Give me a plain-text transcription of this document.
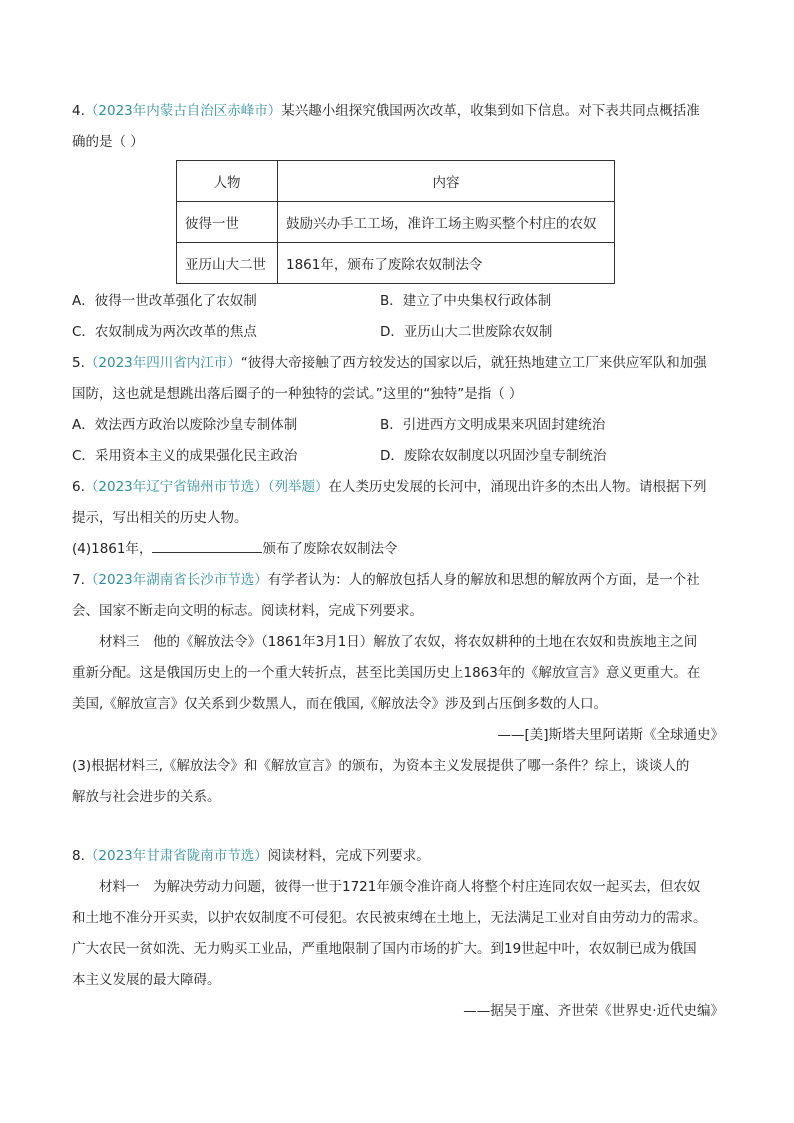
4.（2023年内蒙古自治区赤峰市）某兴趣小组探究俄国两次改革，收集到如下信息。对下表共同点概括准
确的是（ ）

人物	内容
彼得一世	鼓励兴办手工工场，准许工场主购买整个村庄的农奴
亚历山大二世	1861年，颁布了废除农奴制法令
A．彼得一世改革强化了农奴制	B．建立了中央集权行政体制
C．农奴制成为两次改革的焦点	D．亚历山大二世废除农奴制

5.（2023年四川省内江市）“彼得大帝接触了西方较发达的国家以后，就狂热地建立工厂来供应军队和加强
国防，这也就是想跳出落后圈子的一种独特的尝试。”这里的“独特”是指（ ）

A．效法西方政治以废除沙皇专制体制	B．引进西方文明成果来巩固封建统治
C．采用资本主义的成果强化民主政治	D．废除农奴制度以巩固沙皇专制统治

6.（2023年辽宁省锦州市节选）（列举题）在人类历史发展的长河中，涌现出许多的杰出人物。请根据下列
提示，写出相关的历史人物。

(4)1861年，	颁布了废除农奴制法令

7.（2023年湖南省长沙市节选）有学者认为：人的解放包括人身的解放和思想的解放两个方面，是一个社
会、国家不断走向文明的标志。阅读材料，完成下列要求。

材料三　他的《解放法令》（1861年3月1日）解放了农奴，将农奴耕种的土地在农奴和贵族地主之间
重新分配。这是俄国历史上的一个重大转折点，甚至比美国历史上1863年的《解放宣言》意义更重大。在
美国,《解放宣言》仅关系到少数黑人，而在俄国,《解放法令》涉及到占压倒多数的人口。

——[美]斯塔夫里阿诺斯《全球通史》

(3)根据材料三,《解放法令》和《解放宣言》的颁布，为资本主义发展提供了哪一条件？综上，谈谈人的
解放与社会进步的关系。

8.（2023年甘肃省陇南市节选）阅读材料，完成下列要求。

材料一　为解决劳动力问题，彼得一世于1721年颁令准许商人将整个村庄连同农奴一起买去，但农奴
和土地不准分开买卖，以护农奴制度不可侵犯。农民被束缚在土地上，无法满足工业对自由劳动力的需求。
广大农民一贫如洗、无力购买工业品，严重地限制了国内市场的扩大。到19世起中叶，农奴制已成为俄国
本主义发展的最大障碍。

——据吴于廑、齐世荣《世界史·近代史编》
